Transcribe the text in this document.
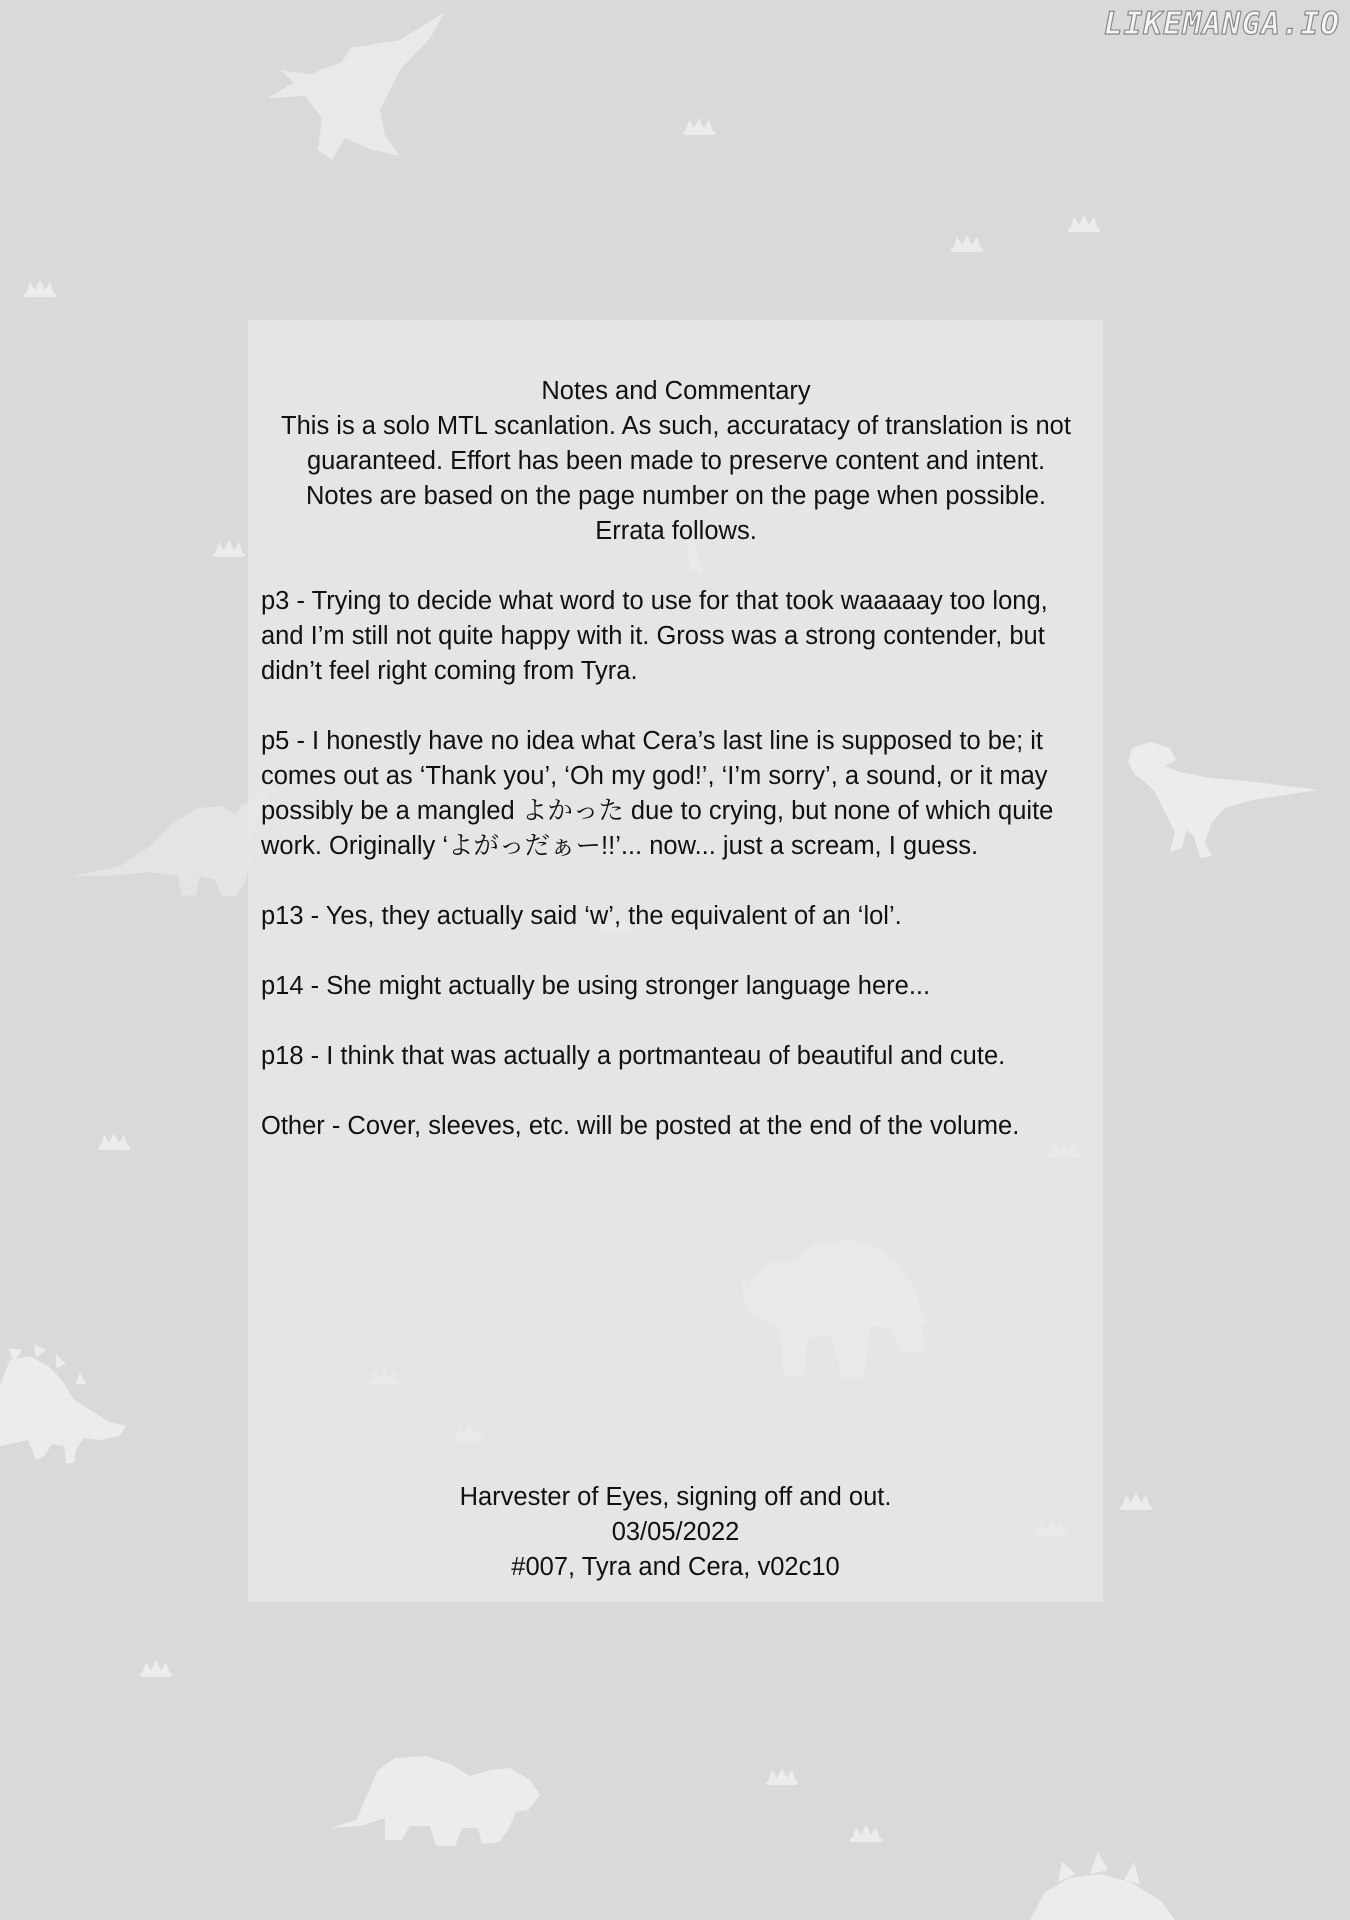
LIKEMANGA.IO
Notes and Commentary
This is a solo MTL scanlation. As such, accuratacy of translation is not
guaranteed. Effort has been made to preserve content and intent.
Notes are based on the page number on the page when possible.
Errata follows.

p3 - Trying to decide what word to use for that took waaaaay too long, and I’m still not quite happy with it. Gross was a strong contender, but didn’t feel right coming from Tyra.

p5 - I honestly have no idea what Cera’s last line is supposed to be; it comes out as ‘Thank you’, ‘Oh my god!’, ‘I’m sorry’, a sound, or it may possibly be a mangled よかった due to crying, but none of which quite work. Originally ‘よがっだぁー!!’... now... just a scream, I guess.

p13 - Yes, they actually said ‘w’, the equivalent of an ‘lol’.

p14 - She might actually be using stronger language here...

p18 - I think that was actually a portmanteau of beautiful and cute.

Other - Cover, sleeves, etc. will be posted at the end of the volume.

Harvester of Eyes, signing off and out.
03/05/2022
#007, Tyra and Cera, v02c10
